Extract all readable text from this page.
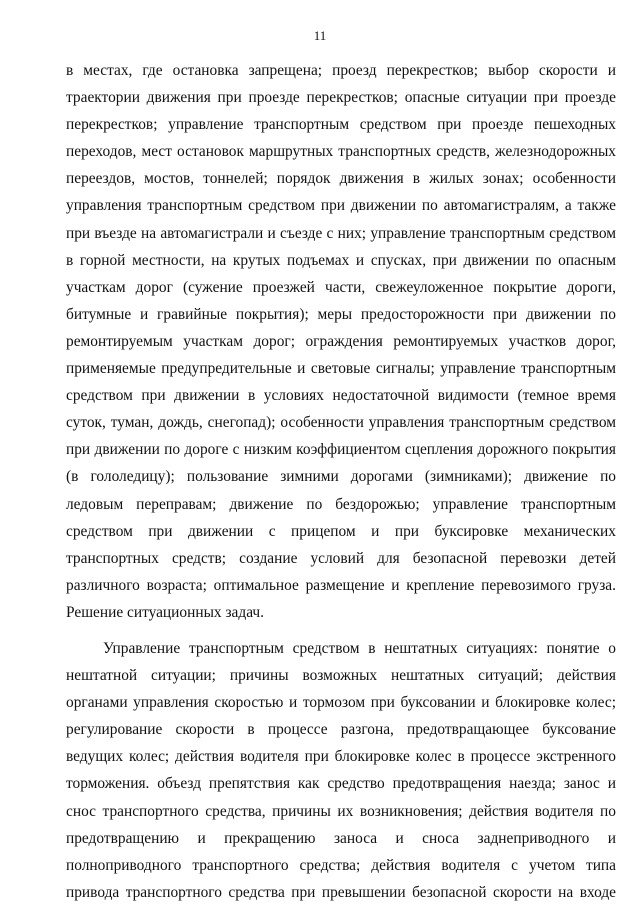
11

в местах, где остановка запрещена; проезд перекрестков; выбор скорости и траектории движения при проезде перекрестков; опасные ситуации при проезде перекрестков; управление транспортным средством при проезде пешеходных переходов, мест остановок маршрутных транспортных средств, железнодорожных переездов, мостов, тоннелей; порядок движения в жилых зонах; особенности управления транспортным средством при движении по автомагистралям, а также при въезде на автомагистрали и съезде с них; управление транспортным средством в горной местности, на крутых подъемах и спусках, при движении по опасным участкам дорог (сужение проезжей части, свежеуложенное покрытие дороги, битумные и гравийные покрытия); меры предосторожности при движении по ремонтируемым участкам дорог; ограждения ремонтируемых участков дорог, применяемые предупредительные и световые сигналы; управление транспортным средством при движении в условиях недостаточной видимости (темное время суток, туман, дождь, снегопад); особенности управления транспортным средством при движении по дороге с низким коэффициентом сцепления дорожного покрытия (в гололедицу); пользование зимними дорогами (зимниками); движение по ледовым переправам; движение по бездорожью; управление транспортным средством при движении с прицепом и при буксировке механических транспортных средств; создание условий для безопасной перевозки детей различного возраста; оптимальное размещение и крепление перевозимого груза. Решение ситуационных задач.

Управление транспортным средством в нештатных ситуациях: понятие о нештатной ситуации; причины возможных нештатных ситуаций; действия органами управления скоростью и тормозом при буксовании и блокировке колес; регулирование скорости в процессе разгона, предотвращающее буксование ведущих колес; действия водителя при блокировке колес в процессе экстренного торможения. объезд препятствия как средство предотвращения наезда; занос и снос транспортного средства, причины их возникновения; действия водителя по предотвращению и прекращению заноса и сноса заднеприводного и полноприводного транспортного средства; действия водителя с учетом типа привода транспортного средства при превышении безопасной скорости на входе
